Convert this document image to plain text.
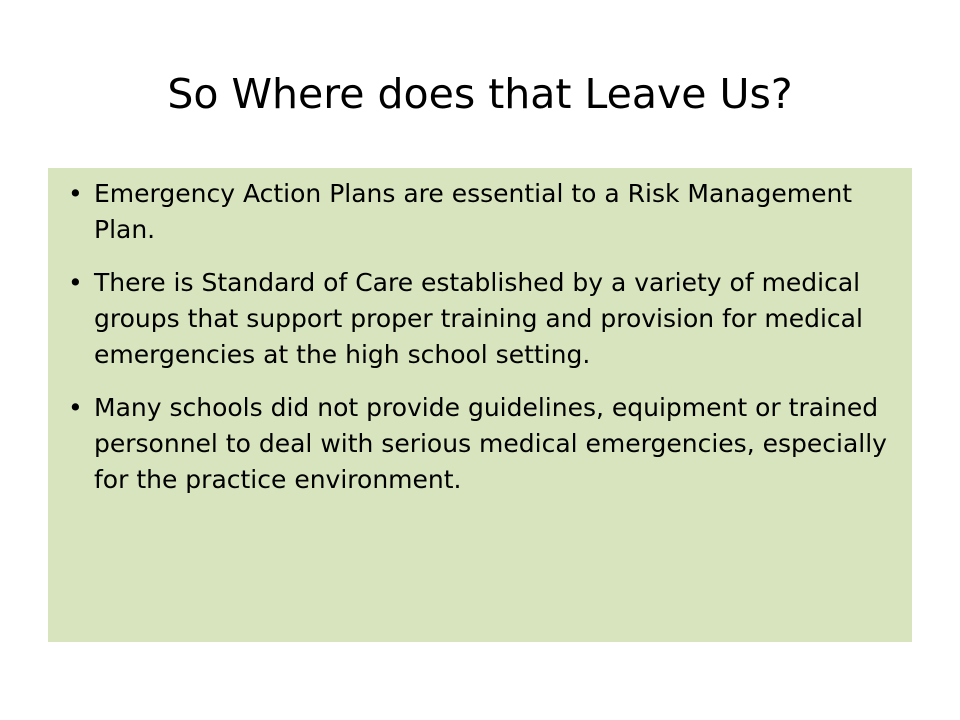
So Where does that Leave Us?
• Emergency Action Plans are essential to a Risk Management Plan.
• There is Standard of Care established by a variety of medical groups that support proper training and provision for medical emergencies at the high school setting.
• Many schools did not provide guidelines, equipment or trained personnel to deal with serious medical emergencies, especially for the practice environment.
